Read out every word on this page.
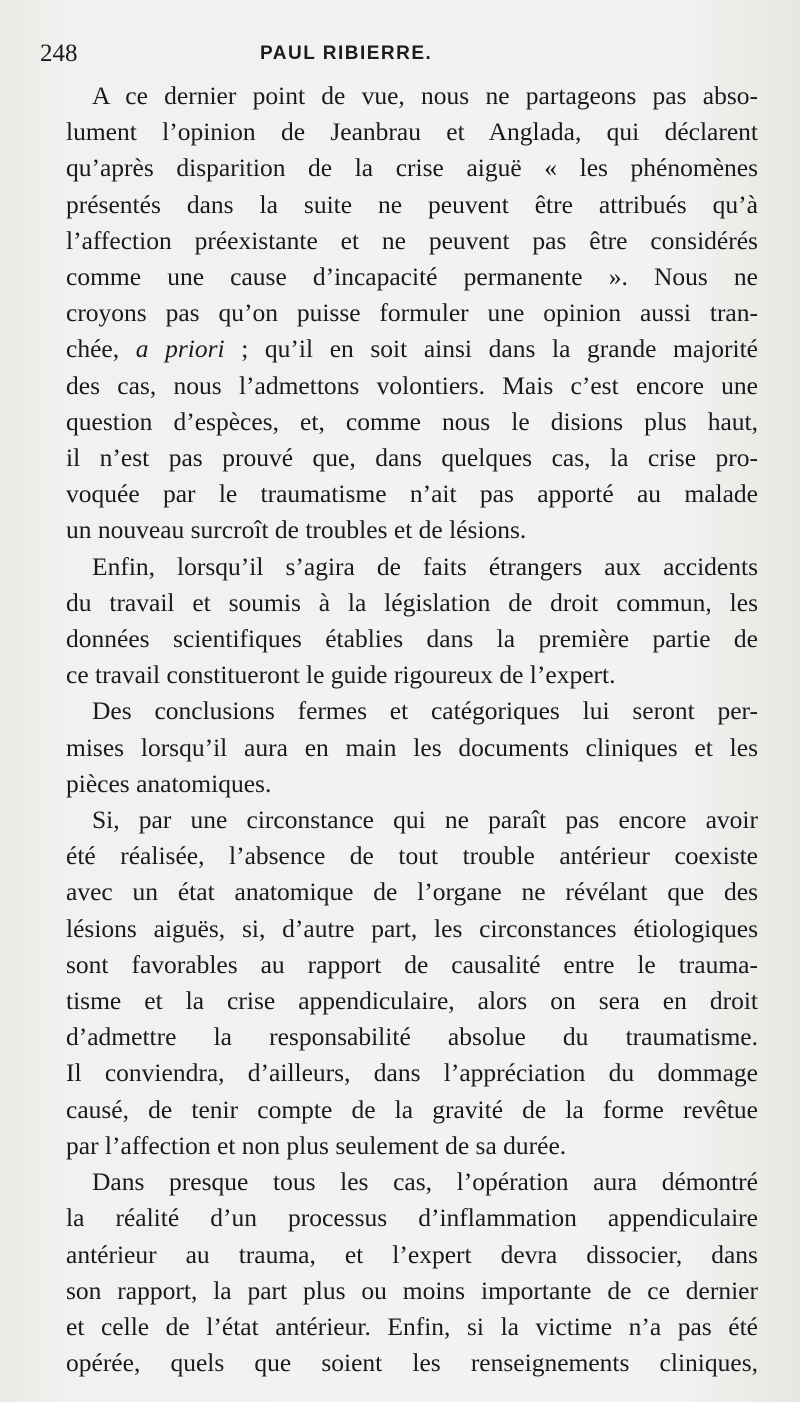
248	PAUL RIBIERRE.
A ce dernier point de vue, nous ne partageons pas abso-
lument l’opinion de Jeanbrau et Anglada, qui déclarent
qu’après disparition de la crise aiguë « les phénomènes
présentés dans la suite ne peuvent être attribués qu’à
l’affection préexistante et ne peuvent pas être considérés
comme une cause d’incapacité permanente ». Nous ne
croyons pas qu’on puisse formuler une opinion aussi tran-
chée, a priori ; qu’il en soit ainsi dans la grande majorité
des cas, nous l’admettons volontiers. Mais c’est encore une
question d’espèces, et, comme nous le disions plus haut,
il n’est pas prouvé que, dans quelques cas, la crise pro-
voquée par le traumatisme n’ait pas apporté au malade
un nouveau surcroît de troubles et de lésions.
Enfin, lorsqu’il s’agira de faits étrangers aux accidents
du travail et soumis à la législation de droit commun, les
données scientifiques établies dans la première partie de
ce travail constitueront le guide rigoureux de l’expert.
Des conclusions fermes et catégoriques lui seront per-
mises lorsqu’il aura en main les documents cliniques et les
pièces anatomiques.
Si, par une circonstance qui ne paraît pas encore avoir
été réalisée, l’absence de tout trouble antérieur coexiste
avec un état anatomique de l’organe ne révélant que des
lésions aiguës, si, d’autre part, les circonstances étiologiques
sont favorables au rapport de causalité entre le trauma-
tisme et la crise appendiculaire, alors on sera en droit
d’admettre la responsabilité absolue du traumatisme.
Il conviendra, d’ailleurs, dans l’appréciation du dommage
causé, de tenir compte de la gravité de la forme revêtue
par l’affection et non plus seulement de sa durée.
Dans presque tous les cas, l’opération aura démontré
la réalité d’un processus d’inflammation appendiculaire
antérieur au trauma, et l’expert devra dissocier, dans
son rapport, la part plus ou moins importante de ce dernier
et celle de l’état antérieur. Enfin, si la victime n’a pas été
opérée, quels que soient les renseignements cliniques,
